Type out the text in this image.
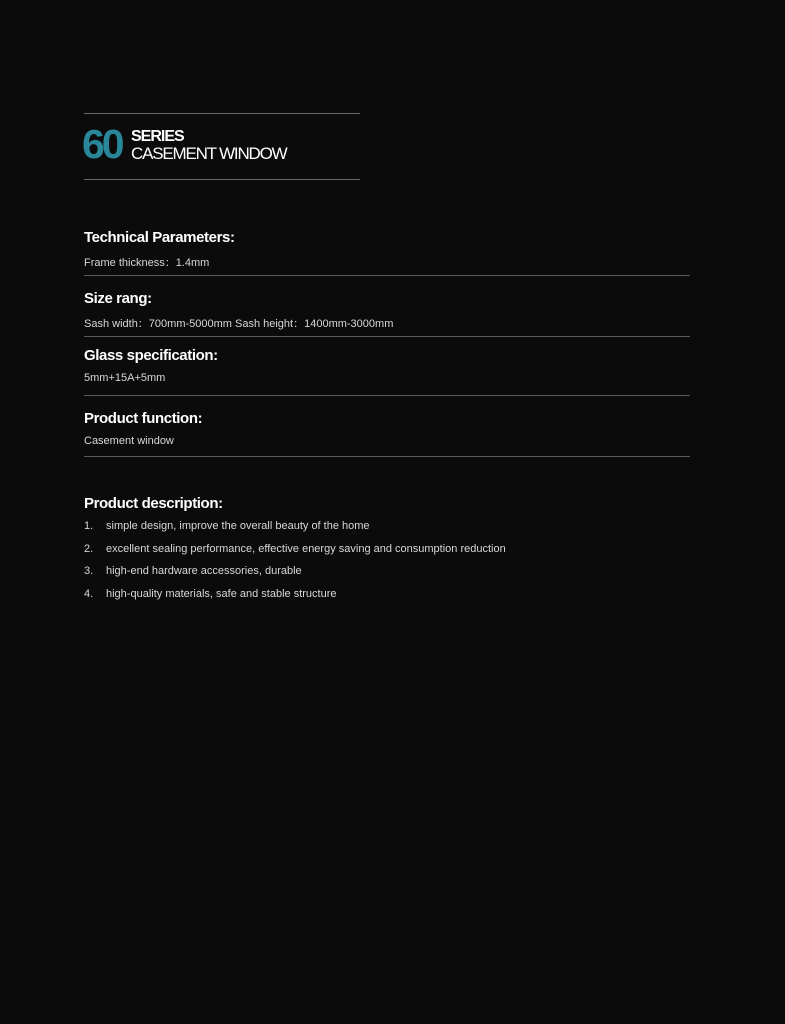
60 SERIES
CASEMENT WINDOW
Technical Parameters:
Frame thickness：1.4mm
Size rang:
Sash width：700mm-5000mm Sash height：1400mm-3000mm
Glass specification:
5mm+15A+5mm
Product function:
Casement window
Product description:
1. simple design, improve the overall beauty of the home
2. excellent sealing performance, effective energy saving and consumption reduction
3. high-end hardware accessories, durable
4. high-quality materials, safe and stable structure
